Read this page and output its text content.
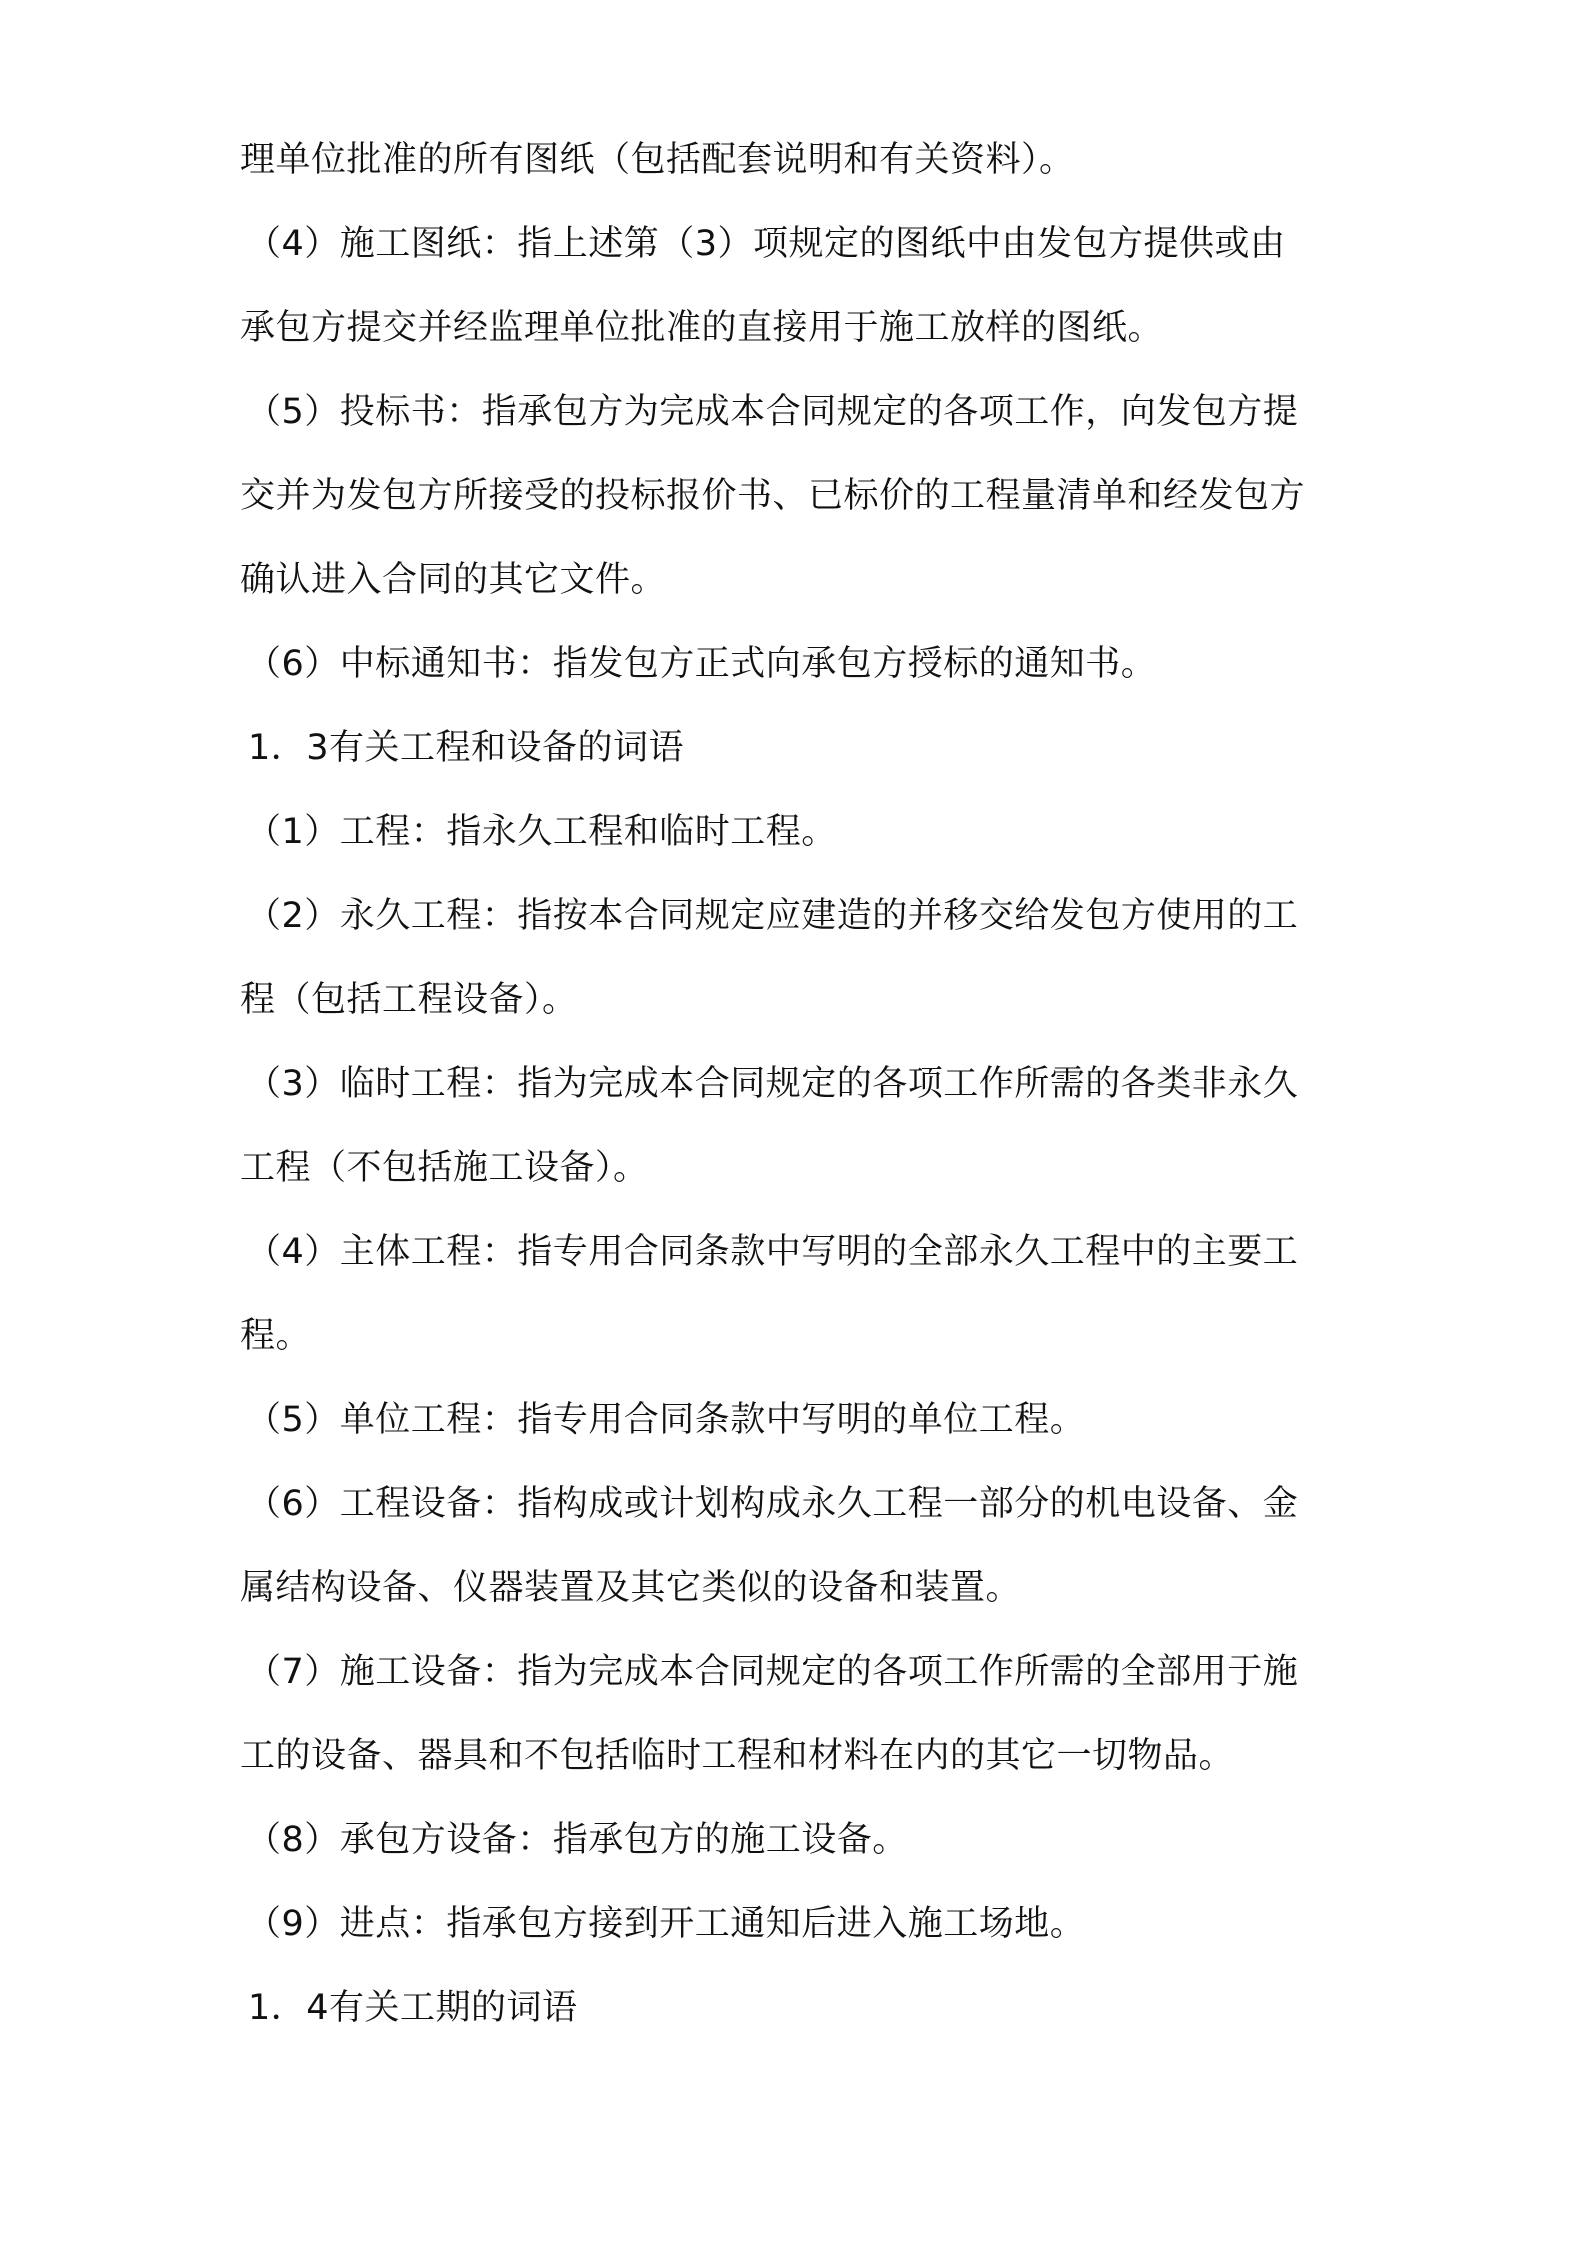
理单位批准的所有图纸（包括配套说明和有关资料）。
（4）施工图纸：指上述第（3）项规定的图纸中由发包方提供或由
承包方提交并经监理单位批准的直接用于施工放样的图纸。
（5）投标书：指承包方为完成本合同规定的各项工作，向发包方提
交并为发包方所接受的投标报价书、已标价的工程量清单和经发包方
确认进入合同的其它文件。
（6）中标通知书：指发包方正式向承包方授标的通知书。
1．3有关工程和设备的词语
（1）工程：指永久工程和临时工程。
（2）永久工程：指按本合同规定应建造的并移交给发包方使用的工
程（包括工程设备）。
（3）临时工程：指为完成本合同规定的各项工作所需的各类非永久
工程（不包括施工设备）。
（4）主体工程：指专用合同条款中写明的全部永久工程中的主要工
程。
（5）单位工程：指专用合同条款中写明的单位工程。
（6）工程设备：指构成或计划构成永久工程一部分的机电设备、金
属结构设备、仪器装置及其它类似的设备和装置。
（7）施工设备：指为完成本合同规定的各项工作所需的全部用于施
工的设备、器具和不包括临时工程和材料在内的其它一切物品。
（8）承包方设备：指承包方的施工设备。
（9）进点：指承包方接到开工通知后进入施工场地。
1．4有关工期的词语
